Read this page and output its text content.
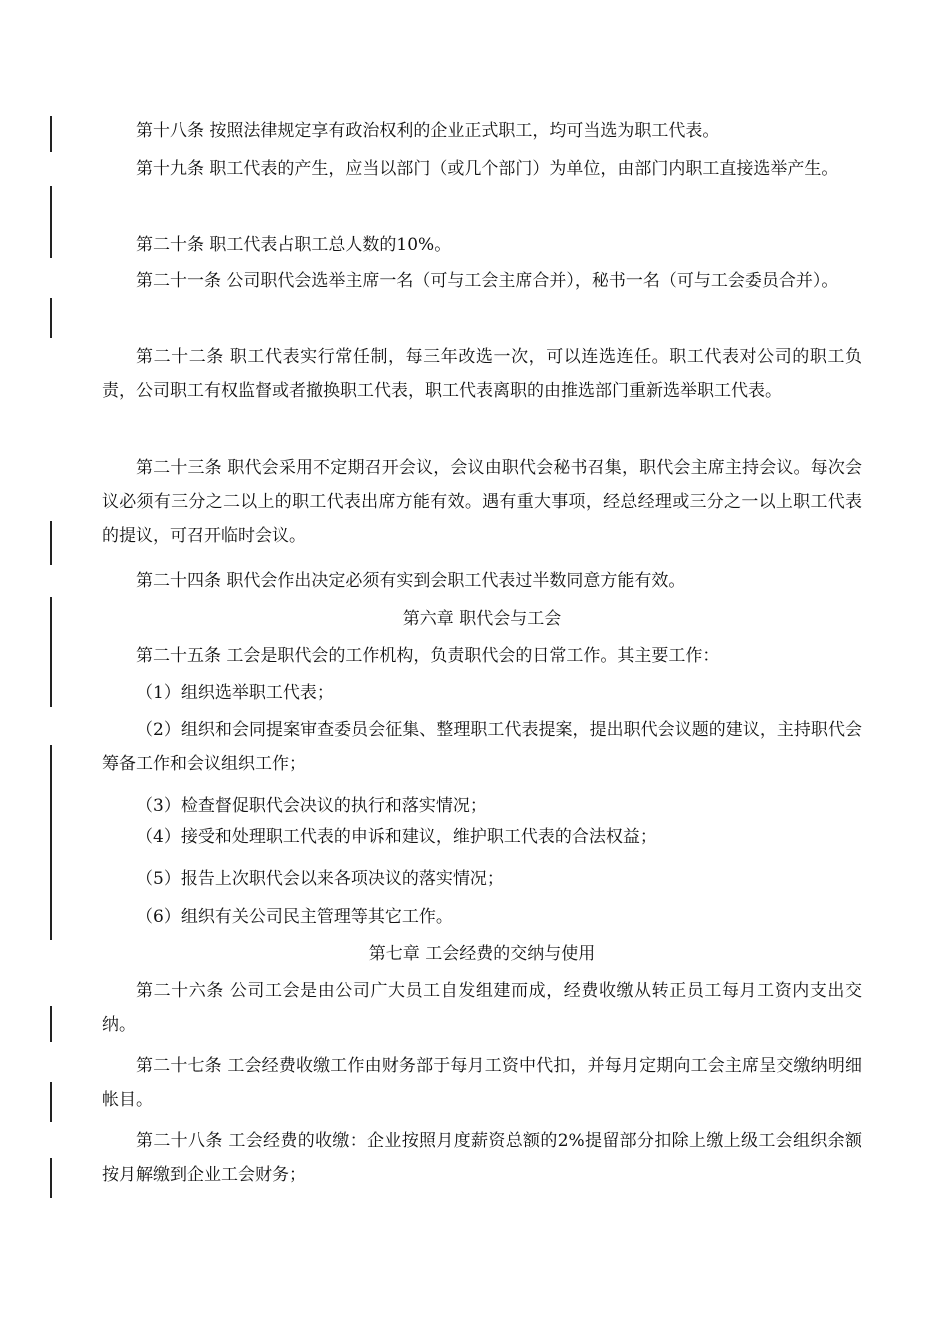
第十八条 按照法律规定享有政治权利的企业正式职工，均可当选为职工代表。

第十九条 职工代表的产生，应当以部门（或几个部门）为单位，由部门内职工直接选举产生。

第二十条 职工代表占职工总人数的10%。

第二十一条 公司职代会选举主席一名（可与工会主席合并），秘书一名（可与工会委员合并）。

第二十二条 职工代表实行常任制，每三年改选一次，可以连选连任。职工代表对公司的职工负责，公司职工有权监督或者撤换职工代表，职工代表离职的由推选部门重新选举职工代表。

第二十三条 职代会采用不定期召开会议，会议由职代会秘书召集，职代会主席主持会议。每次会议必须有三分之二以上的职工代表出席方能有效。遇有重大事项，经总经理或三分之一以上职工代表的提议，可召开临时会议。

第二十四条 职代会作出决定必须有实到会职工代表过半数同意方能有效。

第六章 职代会与工会

第二十五条 工会是职代会的工作机构，负责职代会的日常工作。其主要工作：

（1）组织选举职工代表；

（2）组织和会同提案审查委员会征集、整理职工代表提案，提出职代会议题的建议，主持职代会筹备工作和会议组织工作；

（3）检查督促职代会决议的执行和落实情况；

（4）接受和处理职工代表的申诉和建议，维护职工代表的合法权益；

（5）报告上次职代会以来各项决议的落实情况；

（6）组织有关公司民主管理等其它工作。

第七章 工会经费的交纳与使用

第二十六条 公司工会是由公司广大员工自发组建而成，经费收缴从转正员工每月工资内支出交纳。

第二十七条 工会经费收缴工作由财务部于每月工资中代扣，并每月定期向工会主席呈交缴纳明细帐目。

第二十八条 工会经费的收缴：企业按照月度薪资总额的2%提留部分扣除上缴上级工会组织余额按月解缴到企业工会财务；
